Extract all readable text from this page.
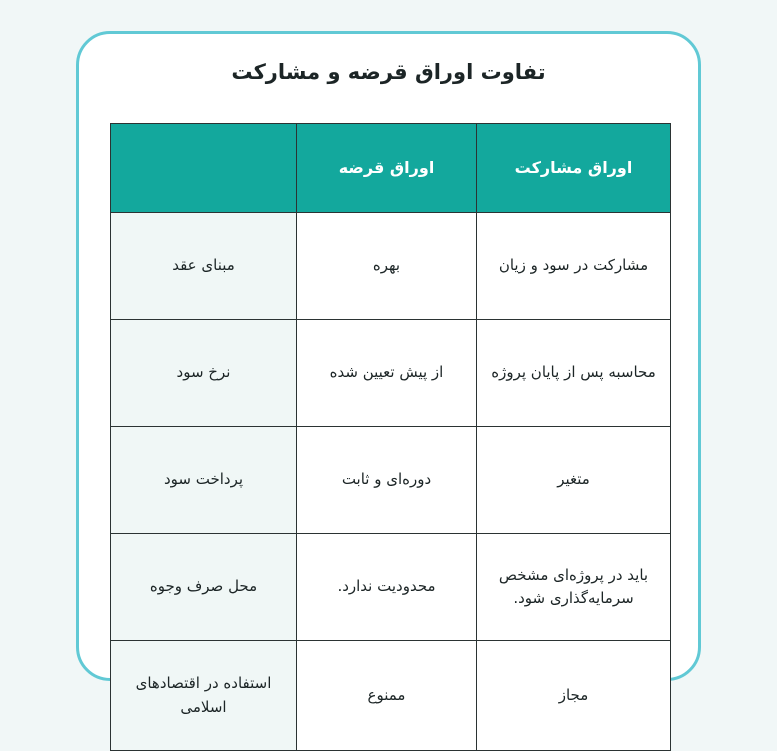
تفاوت اوراق قرضه و مشارکت
اوراق مشارکت	اوراق قرضه	
مشارکت در سود و زیان	بهره	مبنای عقد
محاسبه پس از پایان پروژه	از پیش تعیین شده	نرخ سود
متغیر	دوره‌ای و ثابت	پرداخت سود
باید در پروژه‌ای مشخص سرمایه‌گذاری شود.	محدودیت ندارد.	محل صرف وجوه
مجاز	ممنوع	استفاده در اقتصادهای اسلامی
